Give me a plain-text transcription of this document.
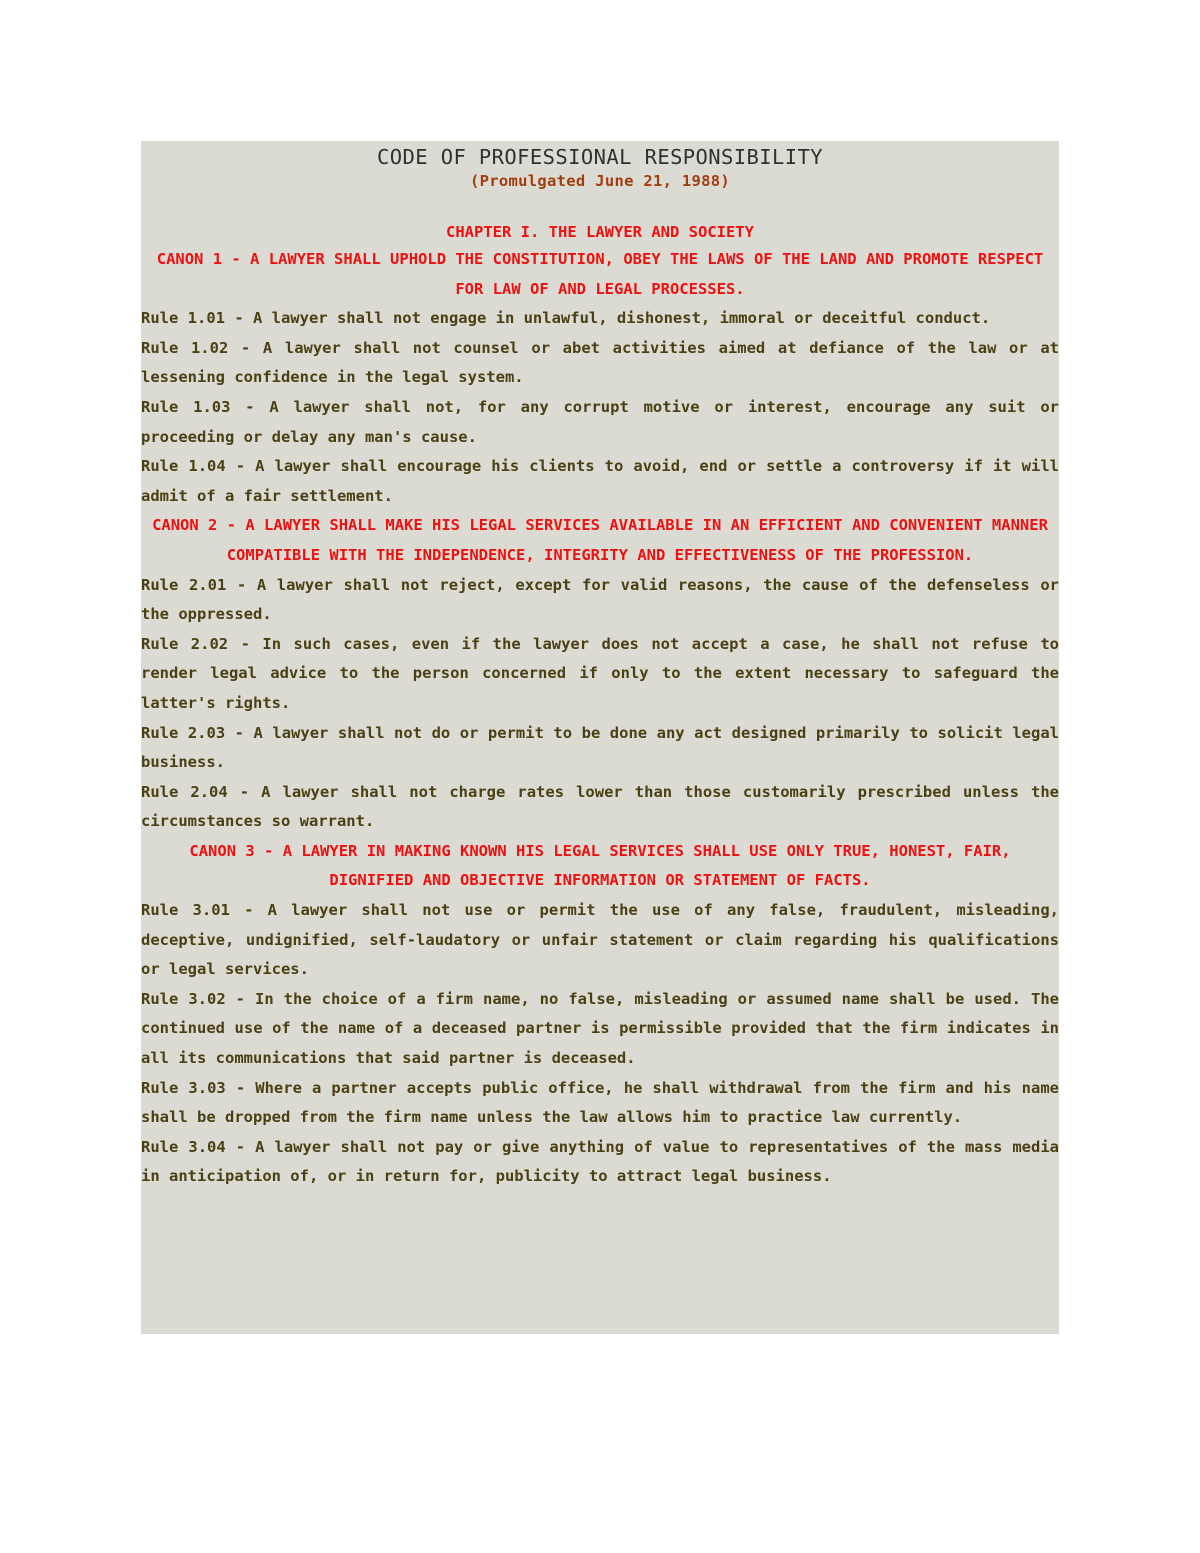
CODE OF PROFESSIONAL RESPONSIBILITY
(Promulgated June 21, 1988)
CHAPTER I. THE LAWYER AND SOCIETY
CANON 1 - A LAWYER SHALL UPHOLD THE CONSTITUTION, OBEY THE LAWS OF THE LAND AND PROMOTE RESPECT FOR LAW OF AND LEGAL PROCESSES.
Rule 1.01 - A lawyer shall not engage in unlawful, dishonest, immoral or deceitful conduct.
Rule 1.02 - A lawyer shall not counsel or abet activities aimed at defiance of the law or at lessening confidence in the legal system.
Rule 1.03 - A lawyer shall not, for any corrupt motive or interest, encourage any suit or proceeding or delay any man's cause.
Rule 1.04 - A lawyer shall encourage his clients to avoid, end or settle a controversy if it will admit of a fair settlement.
CANON 2 - A LAWYER SHALL MAKE HIS LEGAL SERVICES AVAILABLE IN AN EFFICIENT AND CONVENIENT MANNER COMPATIBLE WITH THE INDEPENDENCE, INTEGRITY AND EFFECTIVENESS OF THE PROFESSION.
Rule 2.01 - A lawyer shall not reject, except for valid reasons, the cause of the defenseless or the oppressed.
Rule 2.02 - In such cases, even if the lawyer does not accept a case, he shall not refuse to render legal advice to the person concerned if only to the extent necessary to safeguard the latter's rights.
Rule 2.03 - A lawyer shall not do or permit to be done any act designed primarily to solicit legal business.
Rule 2.04 - A lawyer shall not charge rates lower than those customarily prescribed unless the circumstances so warrant.
CANON 3 - A LAWYER IN MAKING KNOWN HIS LEGAL SERVICES SHALL USE ONLY TRUE, HONEST, FAIR, DIGNIFIED AND OBJECTIVE INFORMATION OR STATEMENT OF FACTS.
Rule 3.01 - A lawyer shall not use or permit the use of any false, fraudulent, misleading, deceptive, undignified, self-laudatory or unfair statement or claim regarding his qualifications or legal services.
Rule 3.02 - In the choice of a firm name, no false, misleading or assumed name shall be used. The continued use of the name of a deceased partner is permissible provided that the firm indicates in all its communications that said partner is deceased.
Rule 3.03 - Where a partner accepts public office, he shall withdrawal from the firm and his name shall be dropped from the firm name unless the law allows him to practice law currently.
Rule 3.04 - A lawyer shall not pay or give anything of value to representatives of the mass media in anticipation of, or in return for, publicity to attract legal business.
